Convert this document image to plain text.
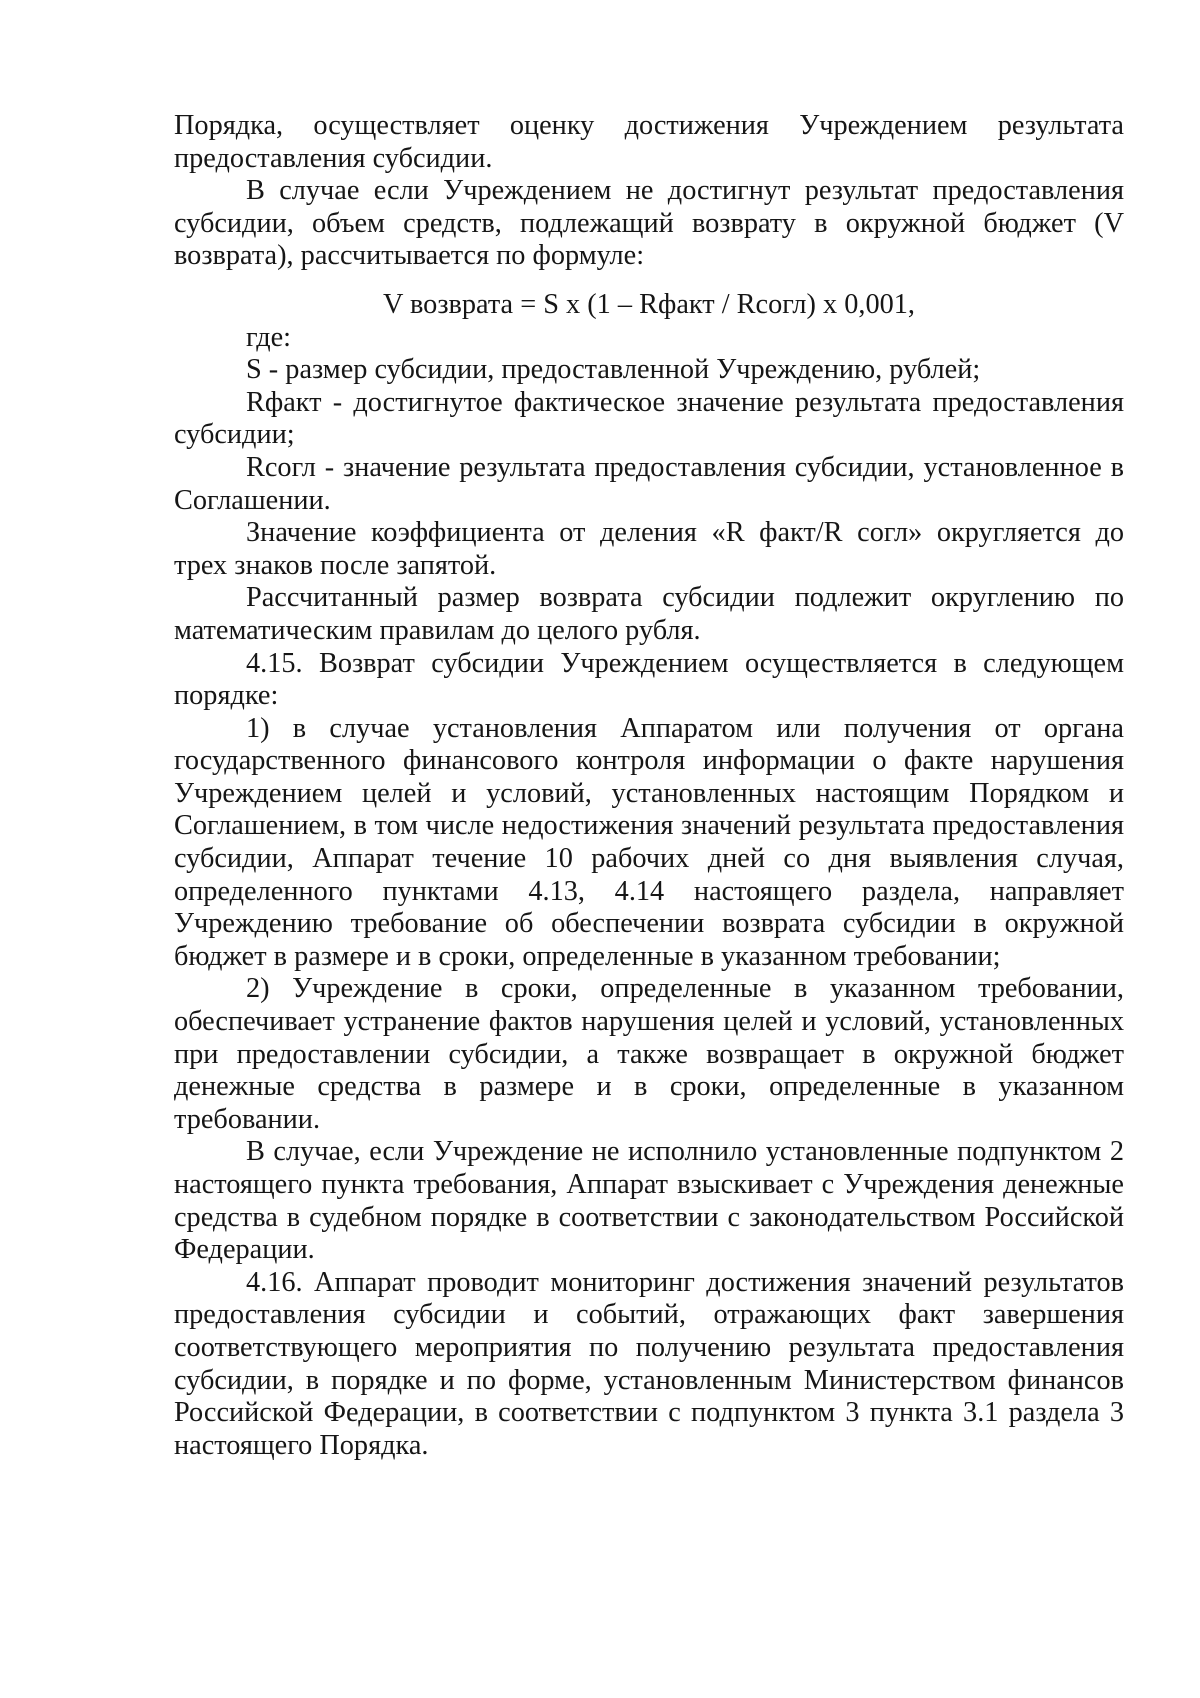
Порядка, осуществляет оценку достижения Учреждением результата предоставления субсидии.

В случае если Учреждением не достигнут результат предоставления субсидии, объем средств, подлежащий возврату в окружной бюджет (V возврата), рассчитывается по формуле:

V возврата = S х (1 – Rфакт / Rсогл) х 0,001,

где:

S - размер субсидии, предоставленной Учреждению, рублей;

Rфакт - достигнутое фактическое значение результата предоставления субсидии;

Rсогл - значение результата предоставления субсидии, установленное в Соглашении.

Значение коэффициента от деления «R факт/R согл» округляется до трех знаков после запятой.

Рассчитанный размер возврата субсидии подлежит округлению по математическим правилам до целого рубля.

4.15. Возврат субсидии Учреждением осуществляется в следующем порядке:

1) в случае установления Аппаратом или получения от органа государственного финансового контроля информации о факте нарушения Учреждением целей и условий, установленных настоящим Порядком и Соглашением, в том числе недостижения значений результата предоставления субсидии, Аппарат течение 10 рабочих дней со дня выявления случая, определенного пунктами 4.13, 4.14 настоящего раздела, направляет Учреждению требование об обеспечении возврата субсидии в окружной бюджет в размере и в сроки, определенные в указанном требовании;

2) Учреждение в сроки, определенные в указанном требовании, обеспечивает устранение фактов нарушения целей и условий, установленных при предоставлении субсидии, а также возвращает в окружной бюджет денежные средства в размере и в сроки, определенные в указанном требовании.

В случае, если Учреждение не исполнило установленные подпунктом 2 настоящего пункта требования, Аппарат взыскивает с Учреждения денежные средства в судебном порядке в соответствии с законодательством Российской Федерации.

4.16. Аппарат проводит мониторинг достижения значений результатов предоставления субсидии и событий, отражающих факт завершения соответствующего мероприятия по получению результата предоставления субсидии, в порядке и по форме, установленным Министерством финансов Российской Федерации, в соответствии с подпунктом 3 пункта 3.1 раздела 3 настоящего Порядка.
